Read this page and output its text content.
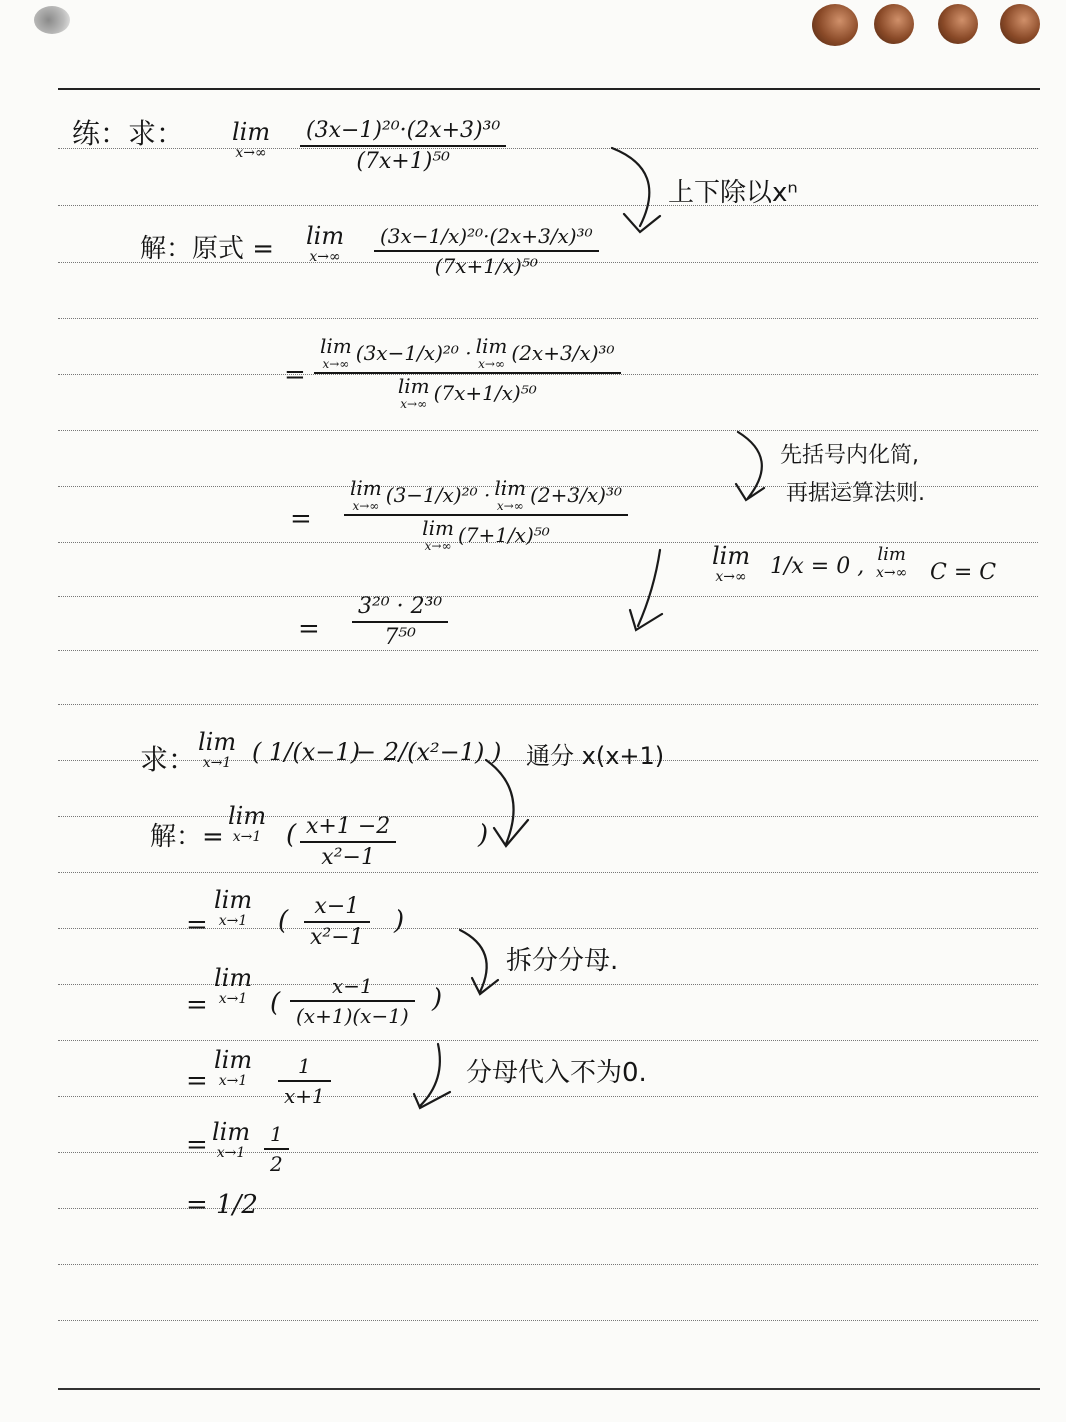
练：求： lim
x→∞
(3x−1)²⁰·(2x+3)³⁰
(7x+1)⁵⁰
上下除以xⁿ
解：原式 = lim
x→∞
(3x−1/x)²⁰·(2x+3/x)³⁰
(7x+1/x)⁵⁰
=
lim
x→∞ (3x−1/x)²⁰ · lim
x→∞ (2x+3/x)³⁰
lim
x→∞ (7x+1/x)⁵⁰
先括号内化简,
再据运算法则.
=
lim
x→∞ (3−1/x)²⁰ · lim
x→∞ (2+3/x)³⁰
lim
x→∞ (7+1/x)⁵⁰
lim
x→∞ 1/x = 0 , lim
x→∞ C = C
=
3²⁰ · 2³⁰
7⁵⁰
求：
lim
x→1 ( 1/(x−1)
− 2/(x²−1) ) 通分 x(x+1)
解：=
lim
x→1 ( x+1 −2
x²−1
)
=
lim
x→1 ( x−1
x²−1
)
拆分分母.
=
lim
x→1 (
x−1
(x+1)(x−1)
)
分母代入不为0.
=
lim
x→1
1
x+1
= lim
x→1
1
2
= 1/2
